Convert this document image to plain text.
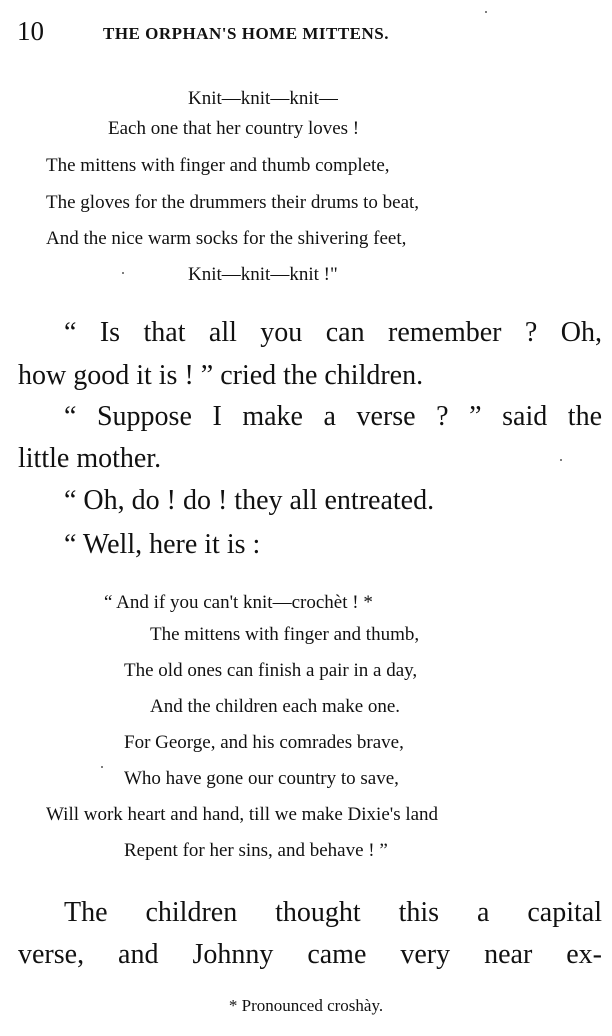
10	THE ORPHAN'S HOME MITTENS.
Knit—knit—knit—
Each one that her country loves !
The mittens with finger and thumb complete,
The gloves for the drummers their drums to beat,
And the nice warm socks for the shivering feet,
Knit—knit—knit !"
“ Is that all you can remember ? Oh,
how good it is ! ” cried the children.
“ Suppose I make a verse ? ” said the
little mother.
“ Oh, do ! do ! they all entreated.
“ Well, here it is :
“ And if you can't knit—crochèt ! *
The mittens with finger and thumb,
The old ones can finish a pair in a day,
And the children each make one.
For George, and his comrades brave,
Who have gone our country to save,
Will work heart and hand, till we make Dixie's land
Repent for her sins, and behave ! ”
The children thought this a capital
verse, and Johnny came very near ex-
* Pronounced croshày.
